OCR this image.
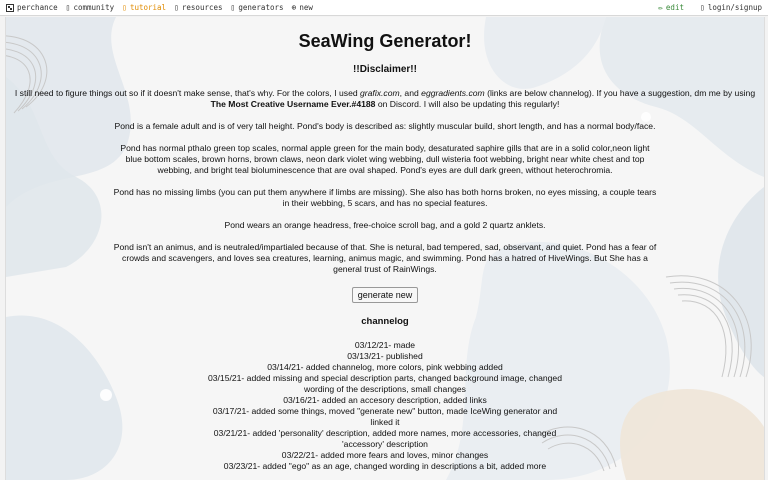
perchance ▯ community ▯ tutorial ▯ resources ▯ generators ⊕ new	✏ edit ▯ login/signup
SeaWing Generator!
!!Disclaimer!!

I still need to figure things out so if it doesn't make sense, that's why. For the colors, I used grafix.com, and eggradients.com (links are below channelog). If you have a suggestion, dm me by using The Most Creative Username Ever.#4188 on Discord. I will also be updating this regularly!

Pond is a female adult and is of very tall height. Pond's body is described as: slightly muscular build, short length, and has a normal body/face.

Pond has normal pthalo green top scales, normal apple green for the main body, desaturated saphire gills that are in a solid color,neon light blue bottom scales, brown horns, brown claws, neon dark violet wing webbing, dull wisteria foot webbing, bright near white chest and top webbing, and bright teal bioluminescence that are oval shaped. Pond's eyes are dull dark green, without heterochromia.

Pond has no missing limbs (you can put them anywhere if limbs are missing). She also has both horns broken, no eyes missing, a couple tears in their webbing, 5 scars, and has no special features.

Pond wears an orange headress, free-choice scroll bag, and a gold 2 quartz anklets.

Pond isn't an animus, and is neutraled/impartialed because of that. She is netural, bad tempered, sad, observant, and quiet. Pond has a fear of crowds and scavengers, and loves sea creatures, learning, animus magic, and swimming. Pond has a hatred of HiveWings. But She has a general trust of RainWings.

generate new
channelog
03/12/21- made
03/13/21- published
03/14/21- added channelog, more colors, pink webbing added
03/15/21- added missing and special description parts, changed background image, changed wording of the descriptions, small changes
03/16/21- added an accesory description, added links
03/17/21- added some things, moved "generate new" button, made IceWing generator and linked it
03/21/21- added 'personality' description, added more names, more accessories, changed 'accessory' description
03/22/21- added more fears and loves, minor changes
03/23/21- added "ego" as an age, changed wording in descriptions a bit, added more
